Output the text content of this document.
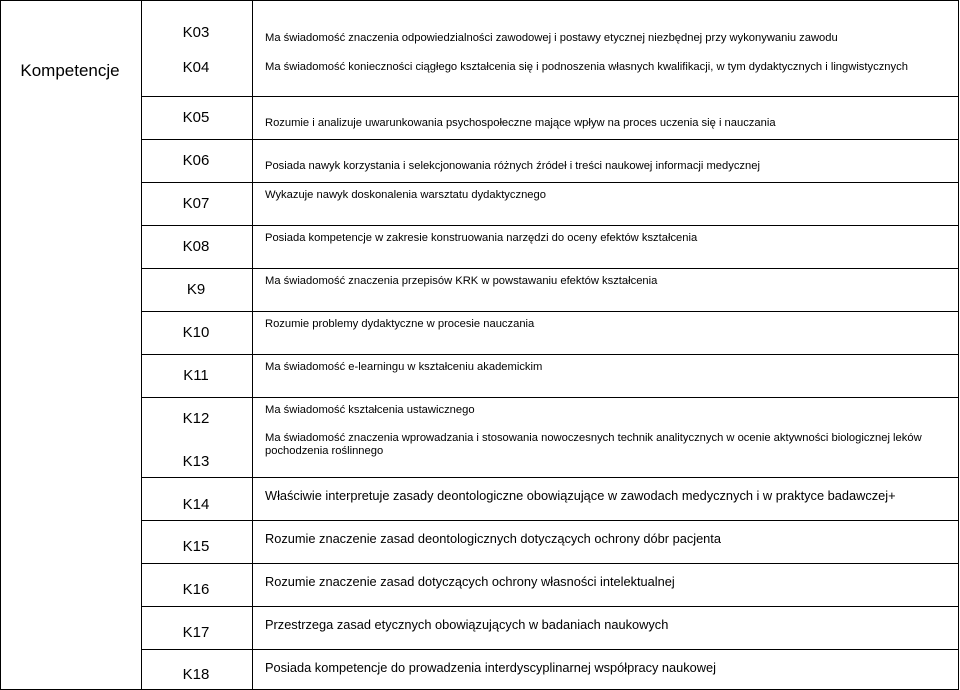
Kompetencje
K03
K04
K05
K06
K07
K08
K9
K10
K11
K12
K13
K14
K15
K16
K17
K18
Ma świadomość znaczenia odpowiedzialności zawodowej i postawy etycznej niezbędnej przy wykonywaniu zawodu
Ma świadomość konieczności ciągłego kształcenia się i podnoszenia własnych kwalifikacji, w tym dydaktycznych i lingwistycznych
Rozumie i analizuje uwarunkowania psychospołeczne mające wpływ na proces uczenia się i nauczania
Posiada nawyk korzystania i selekcjonowania różnych źródeł i treści naukowej informacji medycznej
Wykazuje nawyk doskonalenia warsztatu dydaktycznego
Posiada kompetencje w zakresie konstruowania narzędzi do oceny efektów kształcenia
Ma świadomość znaczenia przepisów KRK w powstawaniu efektów kształcenia
Rozumie problemy dydaktyczne w procesie nauczania
Ma świadomość e-learningu w kształceniu akademickim
Ma świadomość kształcenia ustawicznego
Ma świadomość znaczenia wprowadzania i stosowania nowoczesnych technik analitycznych w ocenie aktywności biologicznej leków pochodzenia roślinnego
Właściwie interpretuje zasady deontologiczne obowiązujące w zawodach medycznych i w praktyce badawczej+
Rozumie znaczenie zasad deontologicznych dotyczących ochrony dóbr pacjenta
Rozumie znaczenie zasad dotyczących ochrony własności intelektualnej
Przestrzega zasad etycznych obowiązujących w badaniach naukowych
Posiada kompetencje do prowadzenia interdyscyplinarnej współpracy naukowej
